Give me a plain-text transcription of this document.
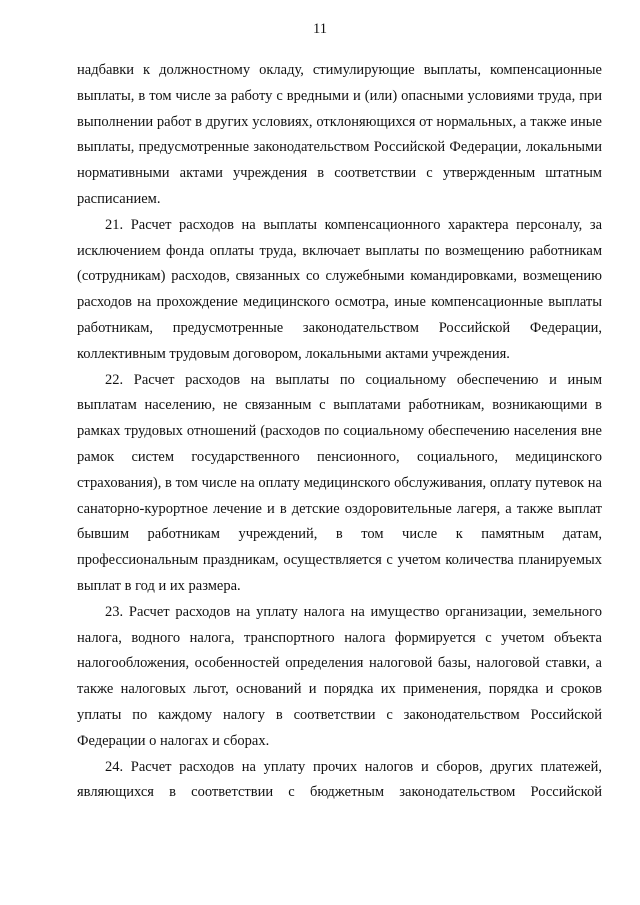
11

надбавки к должностному окладу, стимулирующие выплаты, компенсационные выплаты, в том числе за работу с вредными и (или) опасными условиями труда, при выполнении работ в других условиях, отклоняющихся от нормальных, а также иные выплаты, предусмотренные законодательством Российской Федерации, локальными нормативными актами учреждения в соответствии с утвержденным штатным расписанием.

21. Расчет расходов на выплаты компенсационного характера персоналу, за исключением фонда оплаты труда, включает выплаты по возмещению работникам (сотрудникам) расходов, связанных со служебными командировками, возмещению расходов на прохождение медицинского осмотра, иные компенсационные выплаты работникам, предусмотренные законодательством Российской Федерации, коллективным трудовым договором, локальными актами учреждения.

22. Расчет расходов на выплаты по социальному обеспечению и иным выплатам населению, не связанным с выплатами работникам, возникающими в рамках трудовых отношений (расходов по социальному обеспечению населения вне рамок систем государственного пенсионного, социального, медицинского страхования), в том числе на оплату медицинского обслуживания, оплату путевок на санаторно-курортное лечение и в детские оздоровительные лагеря, а также выплат бывшим работникам учреждений, в том числе к памятным датам, профессиональным праздникам, осуществляется с учетом количества планируемых выплат в год и их размера.

23. Расчет расходов на уплату налога на имущество организации, земельного налога, водного налога, транспортного налога формируется с учетом объекта налогообложения, особенностей определения налоговой базы, налоговой ставки, а также налоговых льгот, оснований и порядка их применения, порядка и сроков уплаты по каждому налогу в соответствии с законодательством Российской Федерации о налогах и сборах.

24. Расчет расходов на уплату прочих налогов и сборов, других платежей, являющихся в соответствии с бюджетным законодательством Российской
